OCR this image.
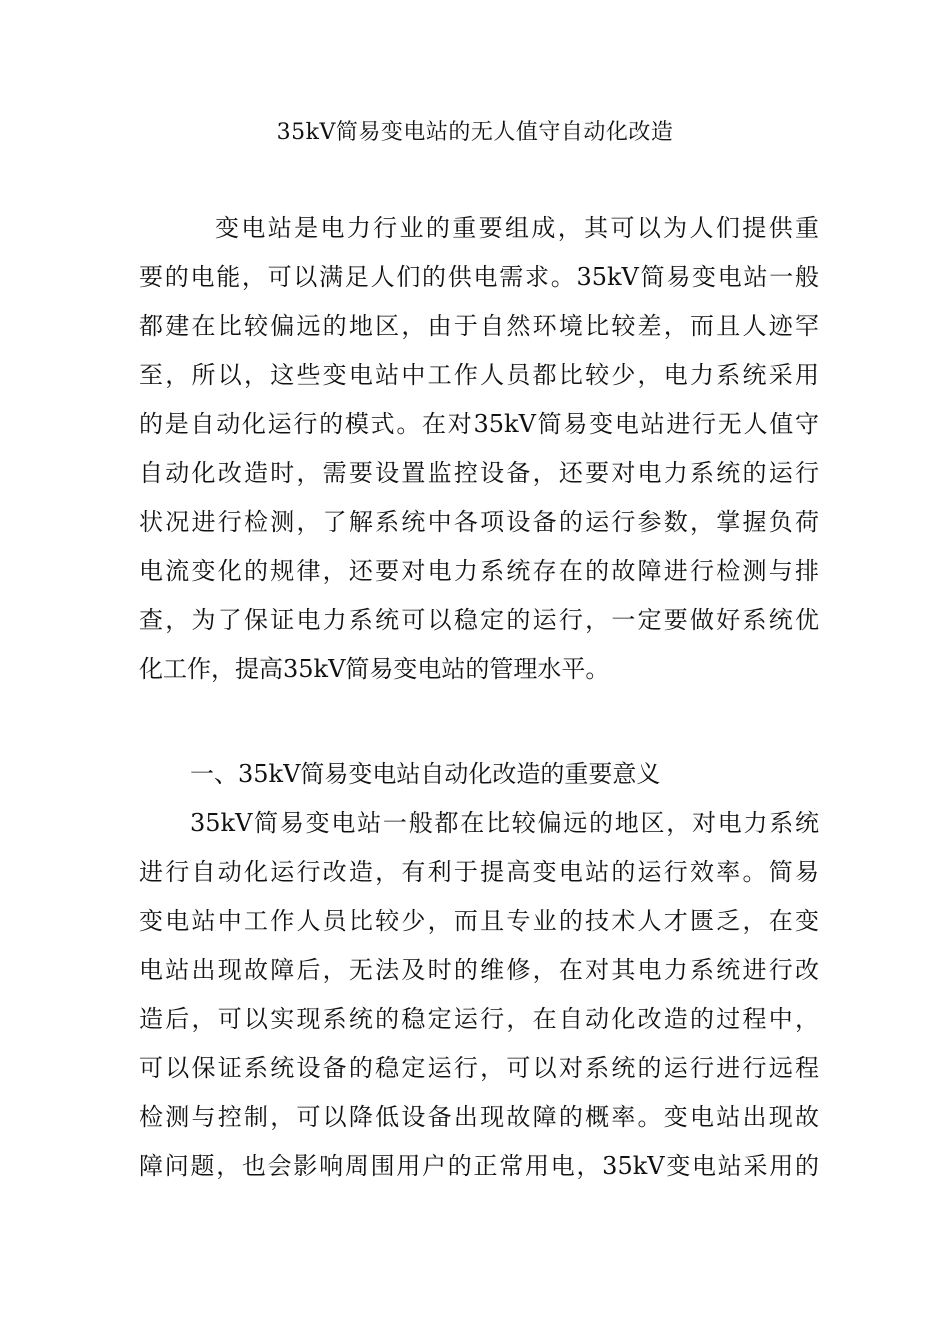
35kV简易变电站的无人值守自动化改造
变电站是电力行业的重要组成，其可以为人们提供重
要的电能，可以满足人们的供电需求。35kV简易变电站一般
都建在比较偏远的地区，由于自然环境比较差，而且人迹罕
至，所以，这些变电站中工作人员都比较少，电力系统采用
的是自动化运行的模式。在对35kV简易变电站进行无人值守
自动化改造时，需要设置监控设备，还要对电力系统的运行
状况进行检测，了解系统中各项设备的运行参数，掌握负荷
电流变化的规律，还要对电力系统存在的故障进行检测与排
查，为了保证电力系统可以稳定的运行，一定要做好系统优
化工作，提高35kV简易变电站的管理水平。
一、35kV简易变电站自动化改造的重要意义
35kV简易变电站一般都在比较偏远的地区，对电力系统
进行自动化运行改造，有利于提高变电站的运行效率。简易
变电站中工作人员比较少，而且专业的技术人才匮乏，在变
电站出现故障后，无法及时的维修，在对其电力系统进行改
造后，可以实现系统的稳定运行，在自动化改造的过程中，
可以保证系统设备的稳定运行，可以对系统的运行进行远程
检测与控制，可以降低设备出现故障的概率。变电站出现故
障问题，也会影响周围用户的正常用电，35kV变电站采用的
